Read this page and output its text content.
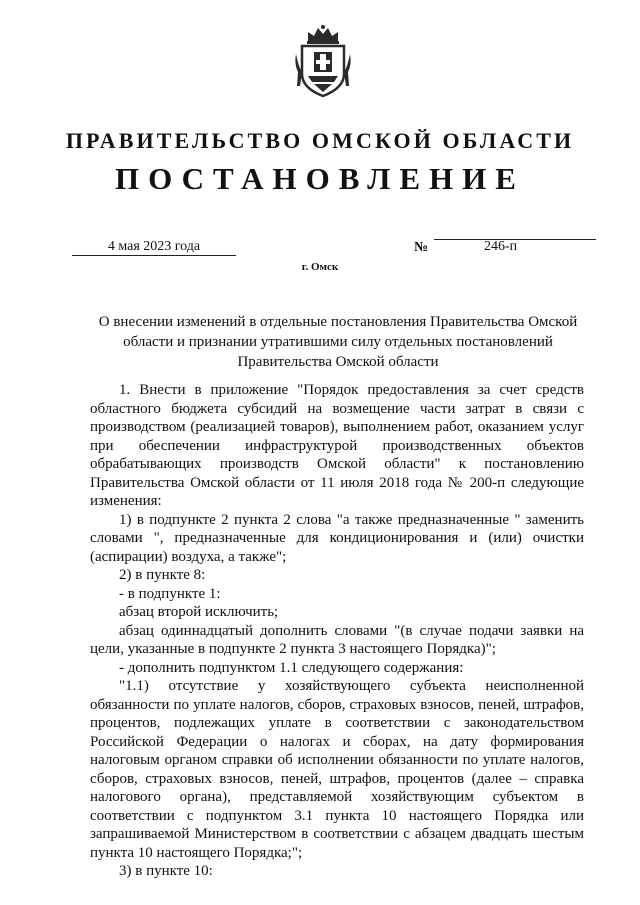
ПРАВИТЕЛЬСТВО ОМСКОЙ ОБЛАСТИ
ПОСТАНОВЛЕНИЕ
4 мая 2023 года	№	246-п
г. Омск
О внесении изменений в отдельные постановления Правительства Омской области и признании утратившими силу отдельных постановлений Правительства Омской области

1. Внести в приложение "Порядок предоставления за счет средств областного бюджета субсидий на возмещение части затрат в связи с производством (реализацией товаров), выполнением работ, оказанием услуг при обеспечении инфраструктурой производственных объектов обрабатывающих производств Омской области" к постановлению Правительства Омской области от 11 июля 2018 года № 200-п следующие изменения:

1) в подпункте 2 пункта 2 слова "а также предназначенные " заменить словами ", предназначенные для кондиционирования и (или) очистки (аспирации) воздуха, а также";

2) в пункте 8:

- в подпункте 1:

абзац второй исключить;

абзац одиннадцатый дополнить словами "(в случае подачи заявки на цели, указанные в подпункте 2 пункта 3 настоящего Порядка)";

- дополнить подпунктом 1.1 следующего содержания:

"1.1) отсутствие у хозяйствующего субъекта неисполненной обязанности по уплате налогов, сборов, страховых взносов, пеней, штрафов, процентов, подлежащих уплате в соответствии с законодательством Российской Федерации о налогах и сборах, на дату формирования налоговым органом справки об исполнении обязанности по уплате налогов, сборов, страховых взносов, пеней, штрафов, процентов (далее – справка налогового органа), представляемой хозяйствующим субъектом в соответствии с подпунктом 3.1 пункта 10 настоящего Порядка или запрашиваемой Министерством в соответствии с абзацем двадцать шестым пункта 10 настоящего Порядка;";

3) в пункте 10:
